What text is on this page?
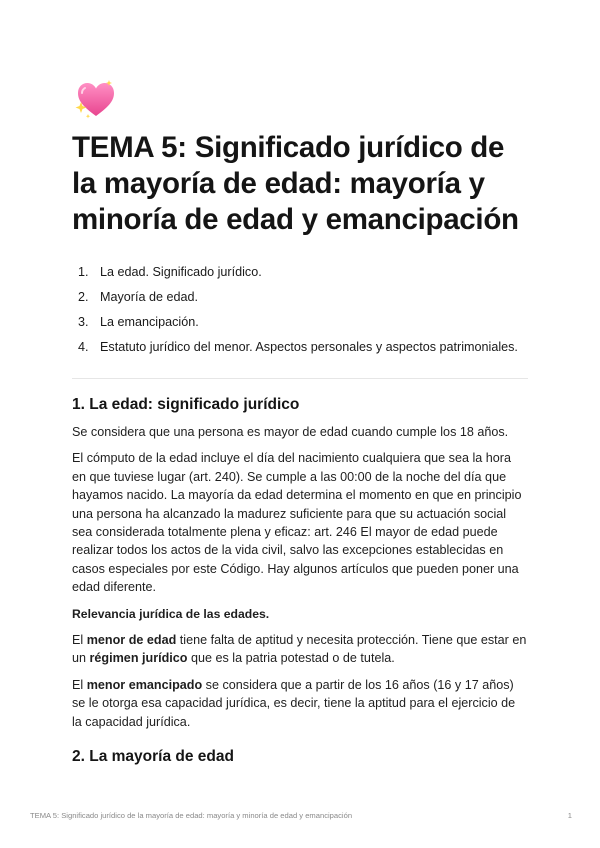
TEMA 5: Significado jurídico de la mayoría de edad: mayoría y minoría de edad y emancipación
1. La edad. Significado jurídico.
2. Mayoría de edad.
3. La emancipación.
4. Estatuto jurídico del menor. Aspectos personales y aspectos patrimoniales.
1. La edad: significado jurídico

Se considera que una persona es mayor de edad cuando cumple los 18 años.

El cómputo de la edad incluye el día del nacimiento cualquiera que sea la hora en que tuviese lugar (art. 240). Se cumple a las 00:00 de la noche del día que hayamos nacido. La mayoría da edad determina el momento en que en principio una persona ha alcanzado la madurez suficiente para que su actuación social sea considerada totalmente plena y eficaz: art. 246 El mayor de edad puede realizar todos los actos de la vida civil, salvo las excepciones establecidas en casos especiales por este Código. Hay algunos artículos que pueden poner una edad diferente.

Relevancia jurídica de las edades.

El menor de edad tiene falta de aptitud y necesita protección. Tiene que estar en un régimen jurídico que es la patria potestad o de tutela.

El menor emancipado se considera que a partir de los 16 años (16 y 17 años) se le otorga esa capacidad jurídica, es decir, tiene la aptitud para el ejercicio de la capacidad jurídica.

2. La mayoría de edad
TEMA 5: Significado jurídico de la mayoría de edad: mayoría y minoría de edad y emancipación	1
